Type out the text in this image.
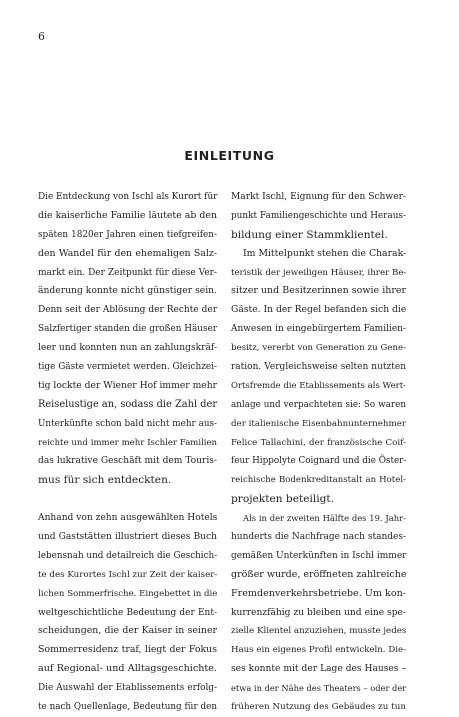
6
EINLEITUNG
Die Entdeckung von Ischl als Kurort für
die kaiserliche Familie läutete ab den
späten 1820er Jahren einen tiefgreifen-
den Wandel für den ehemaligen Salz-
markt ein. Der Zeitpunkt für diese Ver-
änderung konnte nicht günstiger sein.
Denn seit der Ablösung der Rechte der
Salzfertiger standen die großen Häuser
leer und konnten nun an zahlungskräf-
tige Gäste vermietet werden. Gleichzei-
tig lockte der Wiener Hof immer mehr
Reiselustige an, sodass die Zahl der
Unterkünfte schon bald nicht mehr aus-
reichte und immer mehr Ischler Familien
das lukrative Geschäft mit dem Touris-
mus für sich entdeckten.
Anhand von zehn ausgewählten Hotels
und Gaststätten illustriert dieses Buch
lebensnah und detailreich die Geschich-
te des Kurortes Ischl zur Zeit der kaiser-
lichen Sommerfrische. Eingebettet in die
weltgeschichtliche Bedeutung der Ent-
scheidungen, die der Kaiser in seiner
Sommerresidenz traf, liegt der Fokus
auf Regional- und Alltagsgeschichte.
Die Auswahl der Etablissements erfolg-
te nach Quellenlage, Bedeutung für den
Markt Ischl, Eignung für den Schwer-
punkt Familiengeschichte und Heraus-
bildung einer Stammklientel.
Im Mittelpunkt stehen die Charak-
teristik der jeweiligen Häuser, ihrer Be-
sitzer und Besitzerinnen sowie ihrer
Gäste. In der Regel befanden sich die
Anwesen in eingebürgertem Familien-
besitz, vererbt von Generation zu Gene-
ration. Vergleichsweise selten nutzten
Ortsfremde die Etablissements als Wert-
anlage und verpachteten sie: So waren
der italienische Eisenbahnunternehmer
Felice Tallachini, der französische Coif-
feur Hippolyte Coignard und die Öster-
reichische Bodenkreditanstalt an Hotel-
projekten beteiligt.
Als in der zweiten Hälfte des 19. Jahr-
hunderts die Nachfrage nach standes-
gemäßen Unterkünften in Ischl immer
größer wurde, eröffneten zahlreiche
Fremdenverkehrsbetriebe. Um kon-
kurrenzfähig zu bleiben und eine spe-
zielle Klientel anzuziehen, musste jedes
Haus ein eigenes Profil entwickeln. Die-
ses konnte mit der Lage des Hauses –
etwa in der Nähe des Theaters – oder der
früheren Nutzung des Gebäudes zu tun
